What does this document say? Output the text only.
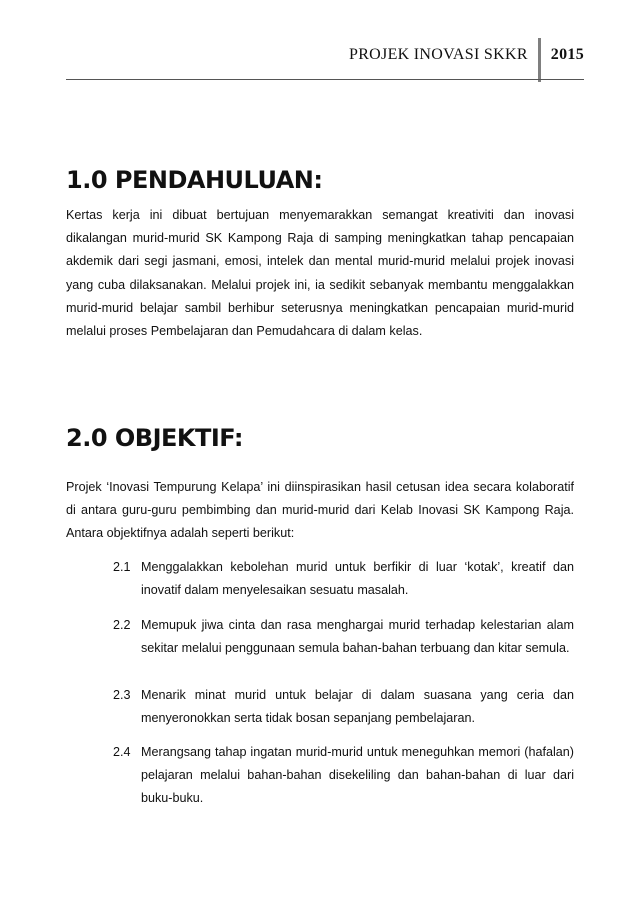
PROJEK INOVASI SKKR	2015
1.0 PENDAHULUAN:

Kertas kerja ini dibuat bertujuan menyemarakkan semangat kreativiti dan inovasi dikalangan murid-murid SK Kampong Raja di samping meningkatkan tahap pencapaian akdemik dari segi jasmani, emosi, intelek dan mental murid-murid melalui projek inovasi yang cuba dilaksanakan. Melalui projek ini, ia sedikit sebanyak membantu menggalakkan murid-murid belajar sambil berhibur seterusnya meningkatkan pencapaian murid-murid melalui proses Pembelajaran dan Pemudahcara di dalam kelas.

2.0 OBJEKTIF:

Projek ‘Inovasi Tempurung Kelapa’ ini diinspirasikan hasil cetusan idea secara kolaboratif di antara guru-guru pembimbing dan murid-murid dari Kelab Inovasi SK Kampong Raja. Antara objektifnya adalah seperti berikut:

2.1 Menggalakkan kebolehan murid untuk berfikir di luar ‘kotak’, kreatif dan inovatif dalam menyelesaikan sesuatu masalah.
2.2 Memupuk jiwa cinta dan rasa menghargai murid terhadap kelestarian alam sekitar melalui penggunaan semula bahan-bahan terbuang dan kitar semula.
2.3 Menarik minat murid untuk belajar di dalam suasana yang ceria dan menyeronokkan serta tidak bosan sepanjang pembelajaran.
2.4 Merangsang tahap ingatan murid-murid untuk meneguhkan memori (hafalan) pelajaran melalui bahan-bahan disekeliling dan bahan-bahan di luar dari buku-buku.
